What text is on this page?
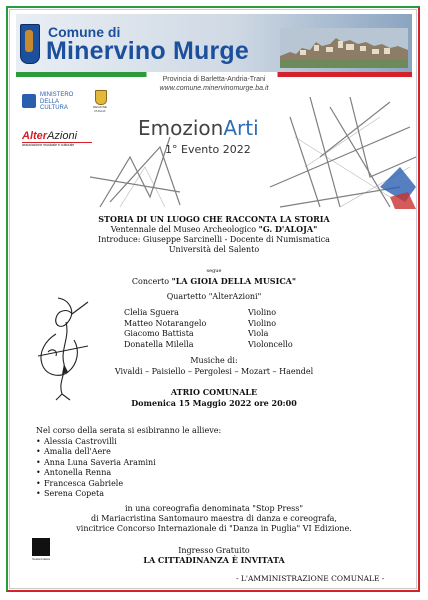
Comune di
Minervino Murge
Provincia di Barletta-Andria-Trani
www.comune.minervinomurge.ba.it
MINISTERO
DELLA
CULTURA	REGIONE PUGLIA
AlterAzioni
associazione musicale e culturale
EmozionArti
1° Evento 2022
STORIA DI UN LUOGO CHE RACCONTA LA STORIA
Ventennale del Museo Archeologico "G. D'ALOJA"
Introduce: Giuseppe Sarcinelli - Docente di Numismatica
Università del Salento
segue
Concerto "LA GIOIA DELLA MUSICA"
Quartetto "AlterAzioni"
Clelia Sguera	Violino
Matteo Notarangelo	Violino
Giacomo Battista	Viola
Donatella Milella	Violoncello
Musiche di:
Vivaldi – Paisiello – Pergolesi – Mozart – Haendel
ATRIO COMUNALE
Domenica 15 Maggio 2022 ore 20:00
Nel corso della serata si esibiranno le allieve:
• Alessia Castrovilli
• Amalia dell'Aere
• Anna Luna Saveria Aramini
• Antonella Renna
• Francesca Gabriele
• Serena Copeta
in una coreografia denominata "Stop Press"
di Mariacristina Santomauro maestra di danza e coreografa,
vincitrice Concorso Internazionale di "Danza in Puglia" VI Edizione.
Scuola di danza
Ingresso Gratuito
LA CITTADINANZA È INVITATA
- L'AMMINISTRAZIONE COMUNALE -
